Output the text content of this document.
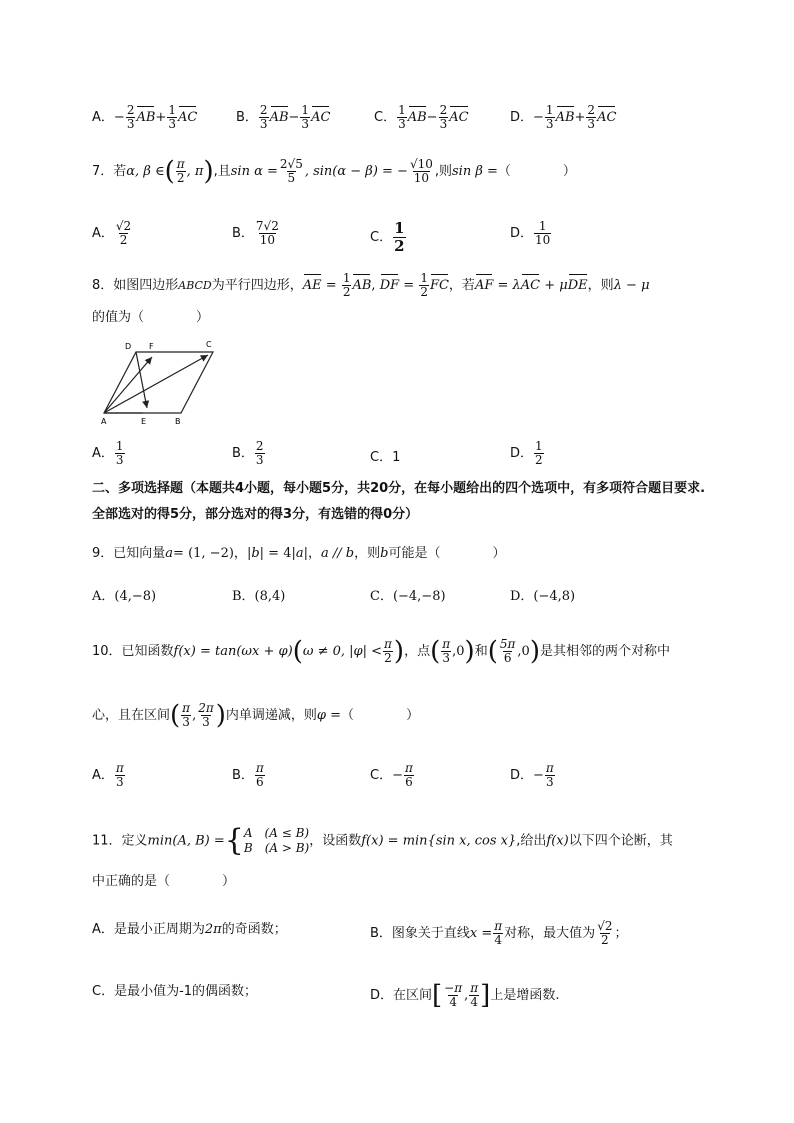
A．− $\frac{2}{3} AB+ \frac{1}{3}$ AC	B． $\frac{2}{3} AB- \frac{1}{3}$ AC	C． $\frac{1}{3} AB- \frac{2}{3}$ AC	D．− $\frac{1}{3} AB+ \frac{2}{3}$ AC
7．若α, β ∈( $\frac{\pi}{2}$ , π),且$\sin \alpha = \frac{2√5}{5}$ , sin(α − β) = − $\frac{√10}{10}$ ,则sin β =（	）
A． $\frac{√2}{2}$	B． $\frac{7√2}{10}$	C． $\frac{1}{2}$	D． $\frac{1}{10}$
8．如图四边形ABCD为平行四边形，AE = $\frac{1}{2}$ AB, DF = $\frac{1}{2}$ FC，若AF = λAC + μDE，则λ − μ
的值为（	）
D F	C
A	E	B
A． $\frac{1}{3}$	B． $\frac{2}{3}$	C．1	D． $\frac{1}{2}$
二、多项选择题（本题共4小题，每小题5分，共20分，在每小题给出的四个选项中，有多项符合题目要求.全部选对的得5分，部分选对的得3分，有选错的得0分）
9．已知向量a= (1, −2)，|b| = 4|a|，a // b，则b可能是（	）
A．(4,−8)	B．(8,4)	C．(−4,−8)	D．(−4,8)
10．已知函数f(x) = tan(ωx + φ)(ω ≠ 0, $|\varphi| < \frac{\pi}{2}$ )，点( $\frac{\pi}{3} ,0$)和( $\frac{5\pi}{6} ,0$)是其相邻的两个对称中
心，且在区间( $\frac{\pi}{3}$ , $\frac{2\pi}{3}$ )内单调递减，则φ =（	）
A． $\frac{\pi}{3}$	B． $\frac{\pi}{6}$	C．− $\frac{\pi}{6}$	D．− $\frac{\pi}{3}$
11．定义min(A, B) ={ A　(A ≤ B)
B　(A > B) ，设函数f(x) = min{sin x, cos x},给出f(x)以下四个论断，其
中正确的是（	）
A．是最小正周期为2π的奇函数；	B．图象关于直线$x = \frac{\pi}{4}$ 对称，最大值为 $\frac{√2}{2}$ ；
C．是最小值为-1的偶函数；	D．在区间[ $\frac{-\pi}{4}$ , $\frac{\pi}{4}$ ]上是增函数.
